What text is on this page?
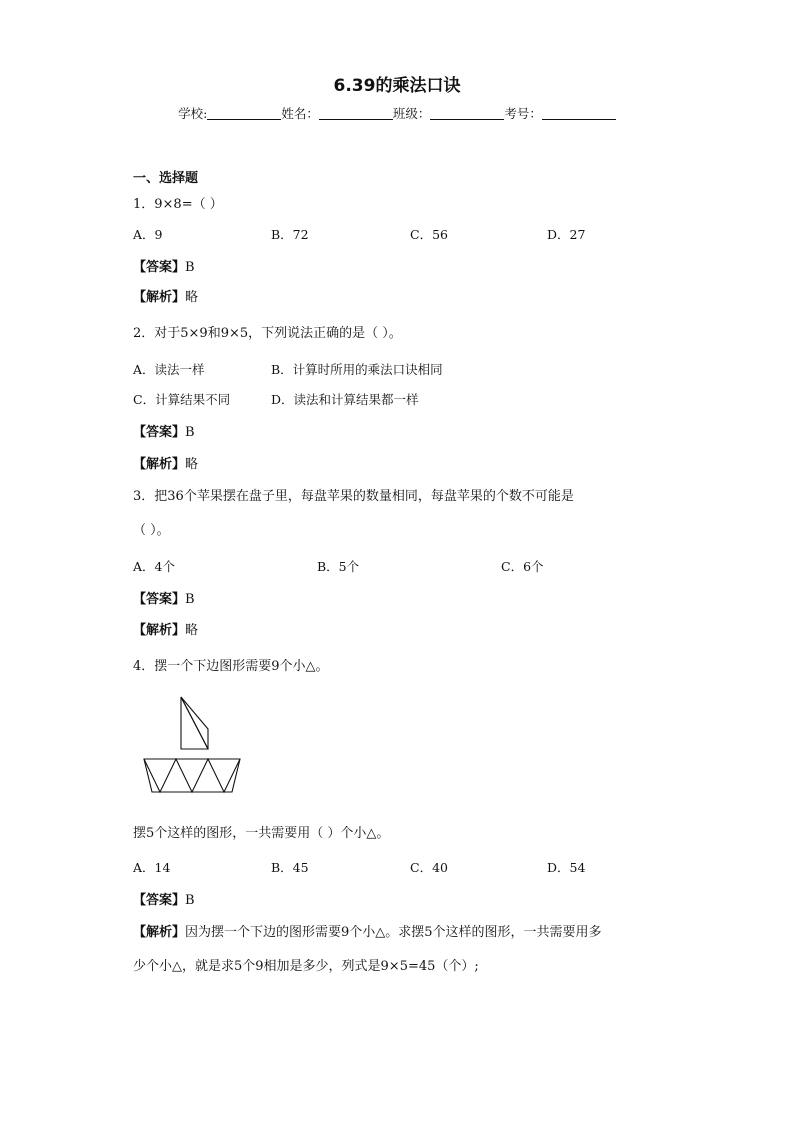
6.39的乘法口诀
学校:	姓名：	班级：	考号：
一、选择题
1．9×8=（ ）
A．9	B．72	C．56	D．27
【答案】B
【解析】略
2．对于5×9和9×5，下列说法正确的是（ ）。
A．读法一样	B．计算时所用的乘法口诀相同
C．计算结果不同	D．读法和计算结果都一样
【答案】B
【解析】略
3．把36个苹果摆在盘子里，每盘苹果的数量相同，每盘苹果的个数不可能是
（ ）。
A．4个	B．5个	C．6个
【答案】B
【解析】略
4．摆一个下边图形需要9个小△。
摆5个这样的图形，一共需要用（ ）个小△。
A．14	B．45	C．40	D．54
【答案】B
【解析】因为摆一个下边的图形需要9个小△。求摆5个这样的图形，一共需要用多
少个小△，就是求5个9相加是多少，列式是9×5=45（个）;
